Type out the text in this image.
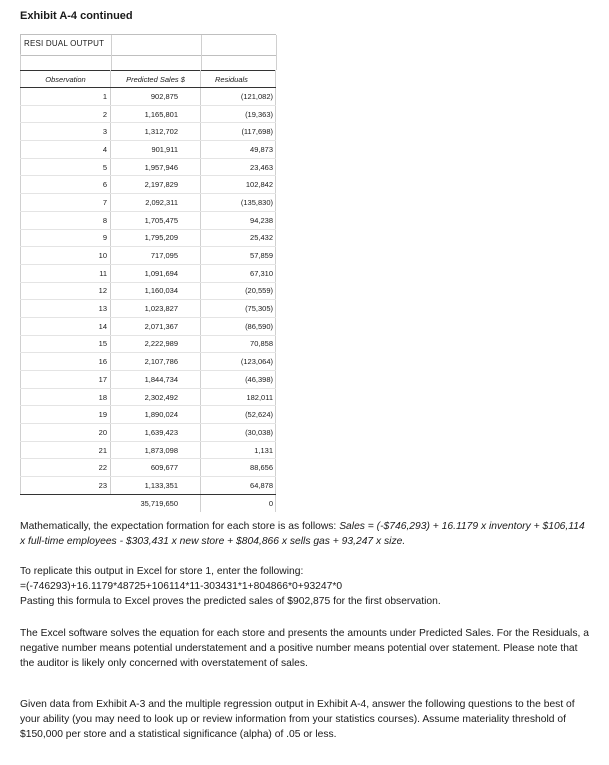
Exhibit A-4 continued
RESI DUAL OUTPUT
Observation	Predicted Sales $	Residuals
1	902,875	(121,082)
2	1,165,801	(19,363)
3	1,312,702	(117,698)
4	901,911	49,873
5	1,957,946	23,463
6	2,197,829	102,842
7	2,092,311	(135,830)
8	1,705,475	94,238
9	1,795,209	25,432
10	717,095	57,859
11	1,091,694	67,310
12	1,160,034	(20,559)
13	1,023,827	(75,305)
14	2,071,367	(86,590)
15	2,222,989	70,858
16	2,107,786	(123,064)
17	1,844,734	(46,398)
18	2,302,492	182,011
19	1,890,024	(52,624)
20	1,639,423	(30,038)
21	1,873,098	1,131
22	609,677	88,656
23	1,133,351	64,878
	35,719,650	0

Mathematically, the expectation formation for each store is as follows: Sales = (-$746,293) + 16.1179 x inventory + $106,114 x full-time employees - $303,431 x new store + $804,866 x sells gas + 93,247 x size.

To replicate this output in Excel for store 1, enter the following:
=(-746293)+16.1179*48725+106114*11-303431*1+804866*0+93247*0
Pasting this formula to Excel proves the predicted sales of $902,875 for the first observation.

The Excel software solves the equation for each store and presents the amounts under Predicted Sales. For the Residuals, a negative number means potential understatement and a positive number means potential over statement. Please note that the auditor is likely only concerned with overstatement of sales.

Given data from Exhibit A-3 and the multiple regression output in Exhibit A-4, answer the following questions to the best of your ability (you may need to look up or review information from your statistics courses). Assume materiality threshold of $150,000 per store and a statistical significance (alpha) of .05 or less.
